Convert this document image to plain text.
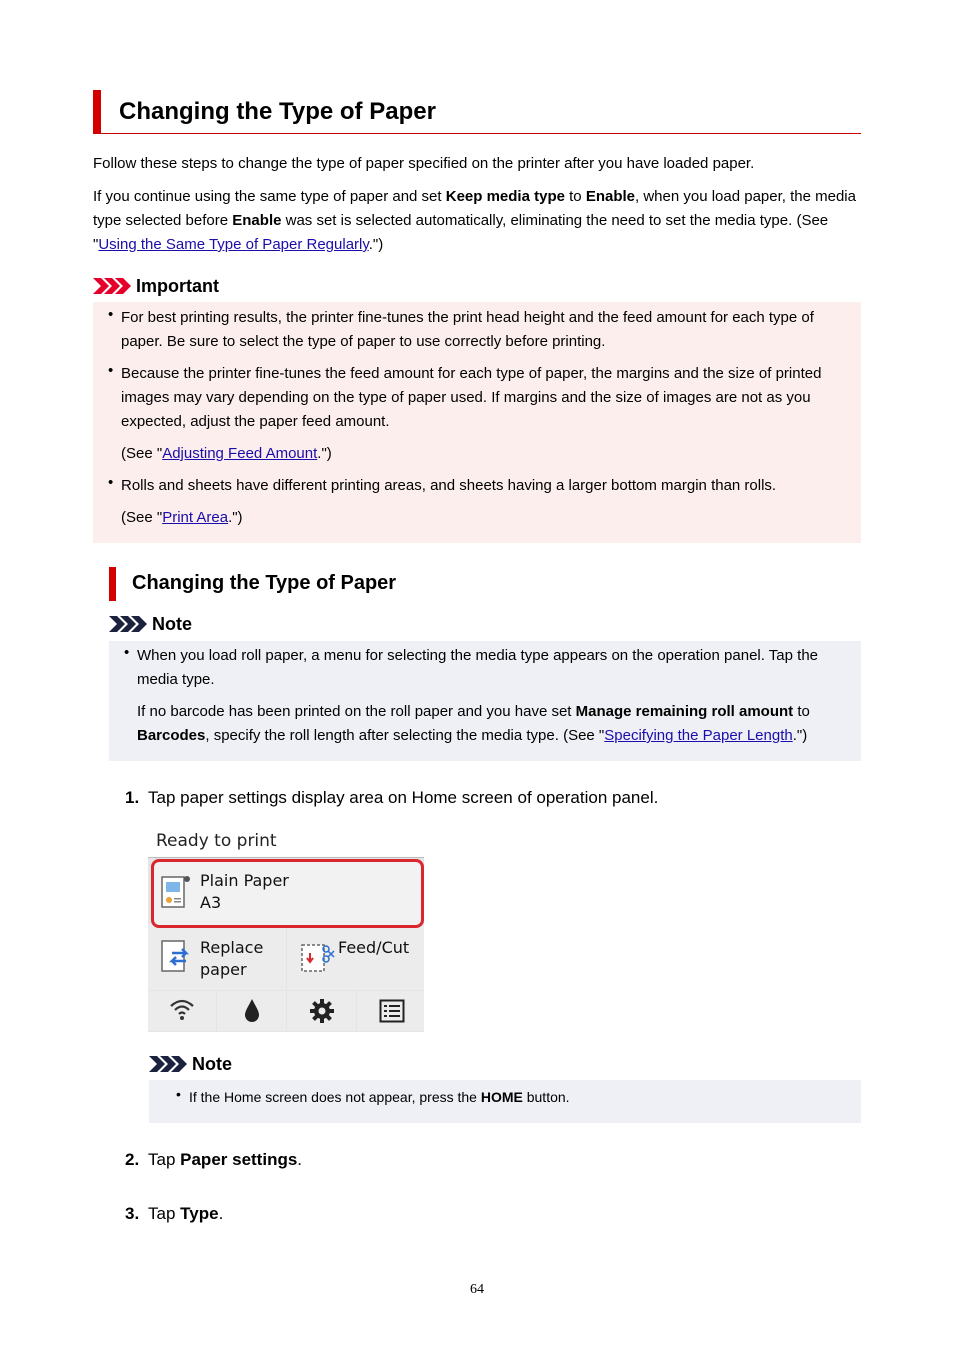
Changing the Type of Paper
Follow these steps to change the type of paper specified on the printer after you have loaded paper.
If you continue using the same type of paper and set Keep media type to Enable, when you load paper, the media type selected before Enable was set is selected automatically, eliminating the need to set the media type. (See "Using the Same Type of Paper Regularly.")
Important
• For best printing results, the printer fine-tunes the print head height and the feed amount for each type of paper. Be sure to select the type of paper to use correctly before printing.
• Because the printer fine-tunes the feed amount for each type of paper, the margins and the size of printed images may vary depending on the type of paper used. If margins and the size of images are not as you expected, adjust the paper feed amount.
(See "Adjusting Feed Amount.")
• Rolls and sheets have different printing areas, and sheets having a larger bottom margin than rolls.
(See "Print Area.")
Changing the Type of Paper
Note
• When you load roll paper, a menu for selecting the media type appears on the operation panel. Tap the media type.
If no barcode has been printed on the roll paper and you have set Manage remaining roll amount to Barcodes, specify the roll length after selecting the media type. (See "Specifying the Paper Length.")
1. Tap paper settings display area on Home screen of operation panel.
Ready to print
Plain Paper
A3
Replace
paper
Feed/Cut
Note
• If the Home screen does not appear, press the HOME button.
2. Tap Paper settings.
3. Tap Type.
64
